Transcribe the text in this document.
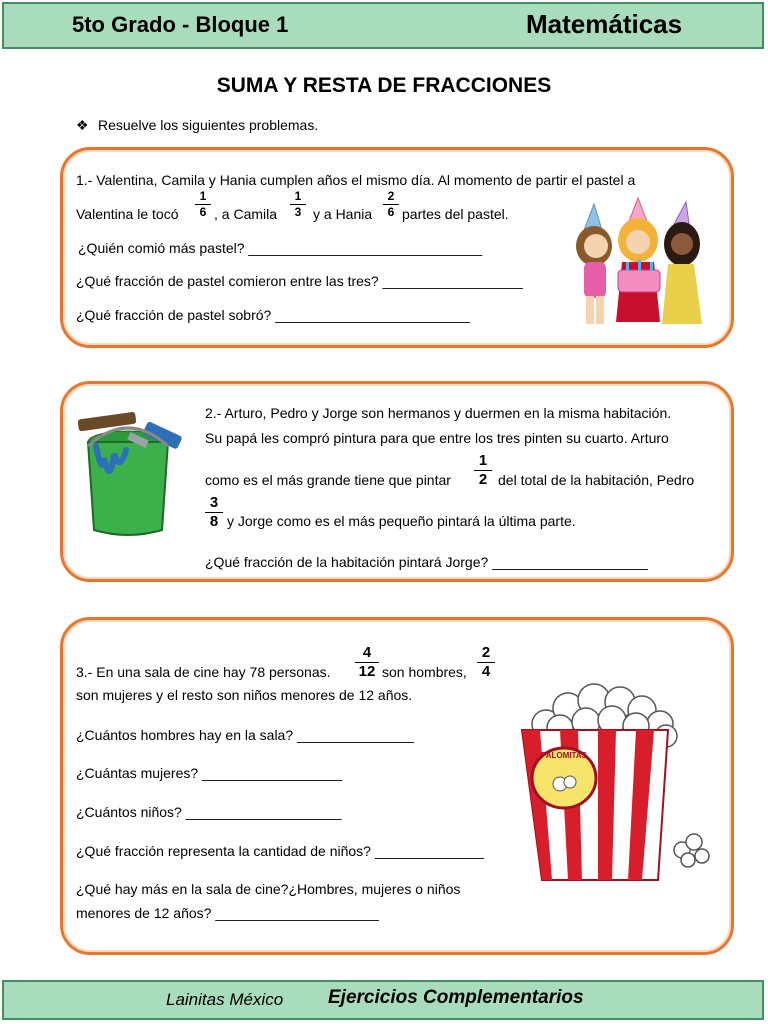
5to Grado - Bloque 1	Matemáticas
SUMA Y RESTA DE FRACCIONES
❖ Resuelve los siguientes problemas.
1.- Valentina, Camila y Hania cumplen años el mismo día. Al momento de partir el pastel a
Valentina le tocó
1
6 , a Camila
1
3 y a Hania
2
6 partes del pastel.
¿Quién comió más pastel? ______________________________
¿Qué fracción de pastel comieron entre las tres? __________________
¿Qué fracción de pastel sobró? _________________________
2.- Arturo, Pedro y Jorge son hermanos y duermen en la misma habitación.
Su papá les compró pintura para que entre los tres pinten su cuarto. Arturo
como es el más grande tiene que pintar
1
2 del total de la habitación, Pedro
3
8 y Jorge como es el más pequeño pintará la última parte.
¿Qué fracción de la habitación pintará Jorge? ____________________
3.- En una sala de cine hay 78 personas.
4
12 son hombres,
2
4
son mujeres y el resto son niños menores de 12 años.
¿Cuántos hombres hay en la sala? _______________
¿Cuántas mujeres? __________________
¿Cuántos niños? ____________________
¿Qué fracción representa la cantidad de niños? ______________
¿Qué hay más en la sala de cine?¿Hombres, mujeres o niños
menores de 12 años? _____________________
PALOMITAS
Lainitas México Ejercicios Complementarios
